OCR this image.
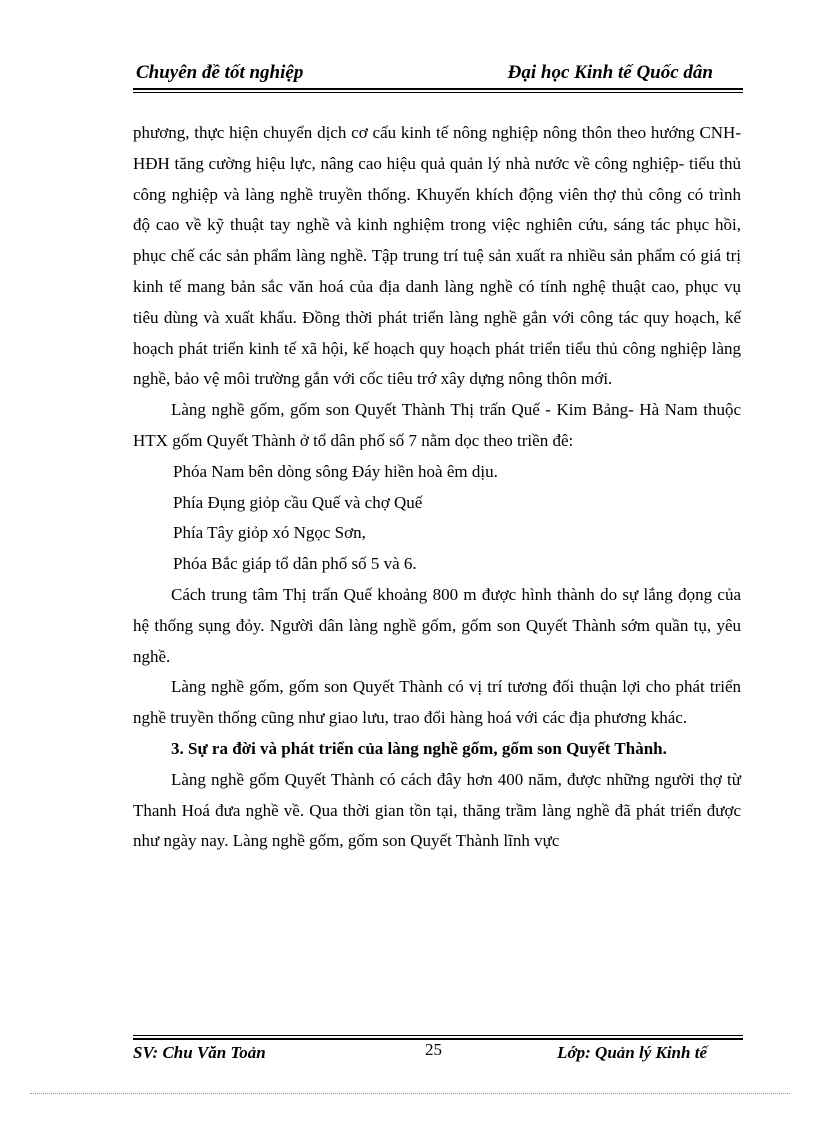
Chuyên đề tốt nghiệp	Đại học Kinh tế Quốc dân

phương, thực hiện chuyển dịch cơ cấu kinh tế nông nghiệp nông thôn theo hướng CNH- HĐH tăng cường hiệu lực, nâng cao hiệu quả quản lý nhà nước về công nghiệp- tiểu thủ công nghiệp và làng nghề truyền thống. Khuyến khích động viên thợ thủ công có trình độ cao về kỹ thuật tay nghề và kinh nghiệm trong việc nghiên cứu, sáng tác phục hồi, phục chế các sản phẩm làng nghề. Tập trung trí tuệ sản xuất ra nhiều sản phẩm có giá trị kinh tế mang bản sắc văn hoá của địa danh làng nghề có tính nghệ thuật cao, phục vụ tiêu dùng và xuất khẩu. Đồng thời phát triển làng nghề gắn với công tác quy hoạch, kế hoạch phát triển kinh tế xã hội, kế hoạch quy hoạch phát triển tiểu thủ công nghiệp làng nghề, bảo vệ môi trường gắn với cốc tiêu trớ xây dựng nông thôn mới.

Làng nghề gốm, gốm son Quyết Thành Thị trấn Quế - Kim Bảng- Hà Nam thuộc HTX gốm Quyết Thành ở tổ dân phố số 7 nằm dọc theo triền đê:

Phóa Nam bên dòng sông Đáy hiền hoà êm dịu.

Phía Đụng giỏp cầu Quế và chợ Quế

Phía Tây giỏp xó Ngọc Sơn,

Phóa Bắc giáp tổ dân phố số 5 và 6.

Cách trung tâm Thị trấn Quế khoảng 800 m được hình thành do sự lắng đọng của hệ thống sụng đỏy. Người dân làng nghề gốm, gốm son Quyết Thành sớm quần tụ, yêu nghề.

Làng nghề gốm, gốm son Quyết Thành có vị trí tương đối thuận lợi cho phát triển nghề truyền thống cũng như giao lưu, trao đổi hàng hoá với các địa phương khác.

3. Sự ra đời và phát triển của làng nghề gốm, gốm son Quyết Thành.

Làng nghề gốm Quyết Thành có cách đây hơn 400 năm, được những người thợ từ Thanh Hoá đưa nghề về. Qua thời gian tồn tại, thăng trầm làng nghề đã phát triển được như ngày nay. Làng nghề gốm, gốm son Quyết Thành lĩnh vực

SV: Chu Văn Toản	25	Lớp: Quản lý Kinh tế
